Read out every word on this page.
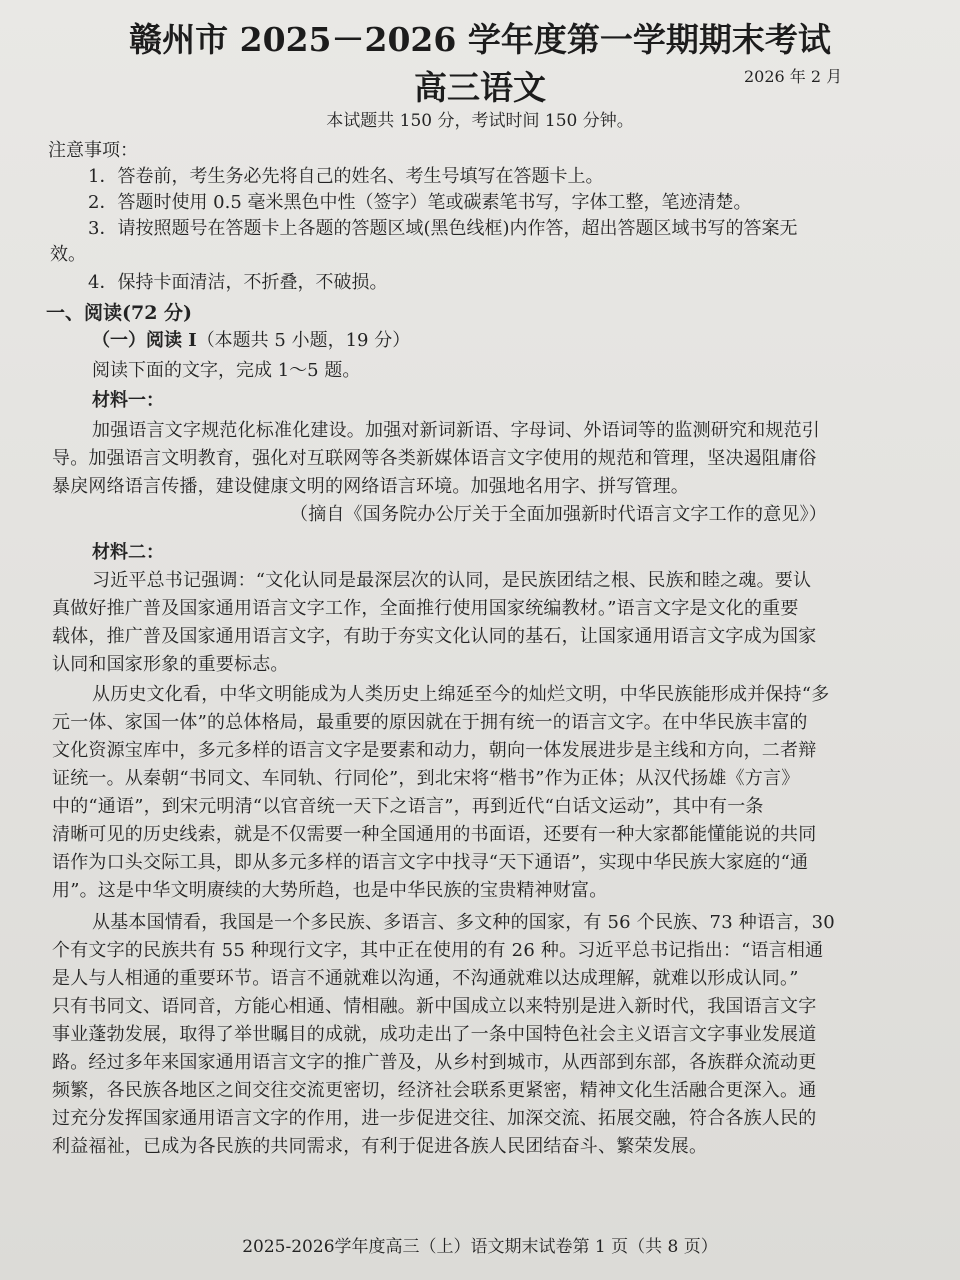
赣州市 2025－2026 学年度第一学期期末考试
高三语文	2026 年 2 月
本试题共 150 分，考试时间 150 分钟。
注意事项：
1．答卷前，考生务必先将自己的姓名、考生号填写在答题卡上。
2．答题时使用 0.5 毫米黑色中性（签字）笔或碳素笔书写，字体工整，笔迹清楚。
3．请按照题号在答题卡上各题的答题区域(黑色线框)内作答，超出答题区域书写的答案无
效。
4．保持卡面清洁，不折叠，不破损。
一、阅读(72 分)
（一）阅读 Ⅰ（本题共 5 小题，19 分）
阅读下面的文字，完成 1～5 题。
材料一：
加强语言文字规范化标准化建设。加强对新词新语、字母词、外语词等的监测研究和规范引
导。加强语言文明教育，强化对互联网等各类新媒体语言文字使用的规范和管理，坚决遏阻庸俗
暴戾网络语言传播，建设健康文明的网络语言环境。加强地名用字、拼写管理。
（摘自《国务院办公厅关于全面加强新时代语言文字工作的意见》）
材料二：
习近平总书记强调：“文化认同是最深层次的认同，是民族团结之根、民族和睦之魂。要认
真做好推广普及国家通用语言文字工作，全面推行使用国家统编教材。”语言文字是文化的重要
载体，推广普及国家通用语言文字，有助于夯实文化认同的基石，让国家通用语言文字成为国家
认同和国家形象的重要标志。
从历史文化看，中华文明能成为人类历史上绵延至今的灿烂文明，中华民族能形成并保持“多
元一体、家国一体”的总体格局，最重要的原因就在于拥有统一的语言文字。在中华民族丰富的
文化资源宝库中，多元多样的语言文字是要素和动力，朝向一体发展进步是主线和方向，二者辩
证统一。从秦朝“书同文、车同轨、行同伦”，到北宋将“楷书”作为正体；从汉代扬雄《方言》
中的“通语”，到宋元明清“以官音统一天下之语言”，再到近代“白话文运动”，其中有一条
清晰可见的历史线索，就是不仅需要一种全国通用的书面语，还要有一种大家都能懂能说的共同
语作为口头交际工具，即从多元多样的语言文字中找寻“天下通语”，实现中华民族大家庭的“通
用”。这是中华文明赓续的大势所趋，也是中华民族的宝贵精神财富。
从基本国情看，我国是一个多民族、多语言、多文种的国家，有 56 个民族、73 种语言，30
个有文字的民族共有 55 种现行文字，其中正在使用的有 26 种。习近平总书记指出：“语言相通
是人与人相通的重要环节。语言不通就难以沟通，不沟通就难以达成理解，就难以形成认同。”
只有书同文、语同音，方能心相通、情相融。新中国成立以来特别是进入新时代，我国语言文字
事业蓬勃发展，取得了举世瞩目的成就，成功走出了一条中国特色社会主义语言文字事业发展道
路。经过多年来国家通用语言文字的推广普及，从乡村到城市，从西部到东部，各族群众流动更
频繁，各民族各地区之间交往交流更密切，经济社会联系更紧密，精神文化生活融合更深入。通
过充分发挥国家通用语言文字的作用，进一步促进交往、加深交流、拓展交融，符合各族人民的
利益福祉，已成为各民族的共同需求，有利于促进各族人民团结奋斗、繁荣发展。
2025-2026学年度高三（上）语文期末试卷第 1 页（共 8 页）
